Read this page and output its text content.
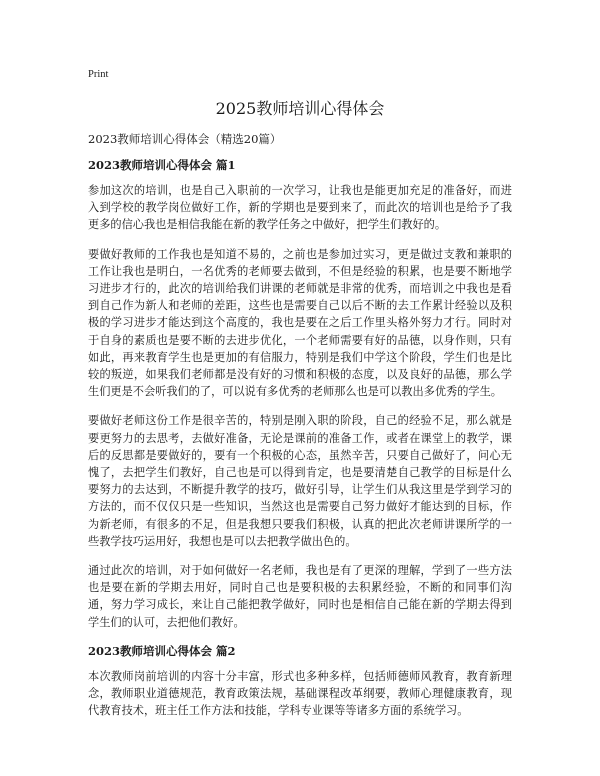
Print
2025教师培训心得体会
2023教师培训心得体会（精选20篇）
2023教师培训心得体会 篇1

参加这次的培训，也是自己入职前的一次学习，让我也是能更加充足的准备好，而进入到学校的教学岗位做好工作，新的学期也是要到来了，而此次的培训也是给予了我更多的信心我也是相信我能在新的教学任务之中做好，把学生们教好的。

要做好教师的工作我也是知道不易的，之前也是参加过实习，更是做过支教和兼职的工作让我也是明白，一名优秀的老师要去做到，不但是经验的积累，也是要不断地学习进步才行的，此次的培训给我们讲课的老师就是非常的优秀，而培训之中我也是看到自己作为新人和老师的差距，这些也是需要自己以后不断的去工作累计经验以及积极的学习进步才能达到这个高度的，我也是要在之后工作里头格外努力才行。同时对于自身的素质也是要不断的去进步优化，一个老师需要有好的品德，以身作则，只有如此，再来教育学生也是更加的有信服力，特别是我们中学这个阶段，学生们也是比较的叛逆，如果我们老师都是没有好的习惯和积极的态度，以及良好的品德，那么学生们更是不会听我们的了，可以说有多优秀的老师那么也是可以教出多优秀的学生。

要做好老师这份工作是很辛苦的，特别是刚入职的阶段，自己的经验不足，那么就是要更努力的去思考，去做好准备，无论是课前的准备工作，或者在课堂上的教学，课后的反思都是要做好的，要有一个积极的心态，虽然辛苦，只要自己做好了，问心无愧了，去把学生们教好，自己也是可以得到肯定，也是要清楚自己教学的目标是什么要努力的去达到，不断提升教学的技巧，做好引导，让学生们从我这里是学到学习的方法的，而不仅仅只是一些知识，当然这也是需要自己努力做好才能达到的目标，作为新老师，有很多的不足，但是我想只要我们积极，认真的把此次老师讲课所学的一些教学技巧运用好，我想也是可以去把教学做出色的。

通过此次的培训，对于如何做好一名老师，我也是有了更深的理解，学到了一些方法也是要在新的学期去用好，同时自己也是要积极的去积累经验，不断的和同事们沟通，努力学习成长，来让自己能把教学做好，同时也是相信自己能在新的学期去得到学生们的认可，去把他们教好。

2023教师培训心得体会 篇2

本次教师岗前培训的内容十分丰富，形式也多种多样，包括师德师风教育，教育新理念，教师职业道德规范，教育政策法规，基础课程改革纲要，教师心理健康教育，现代教育技术，班主任工作方法和技能，学科专业课等等诸多方面的系统学习。
